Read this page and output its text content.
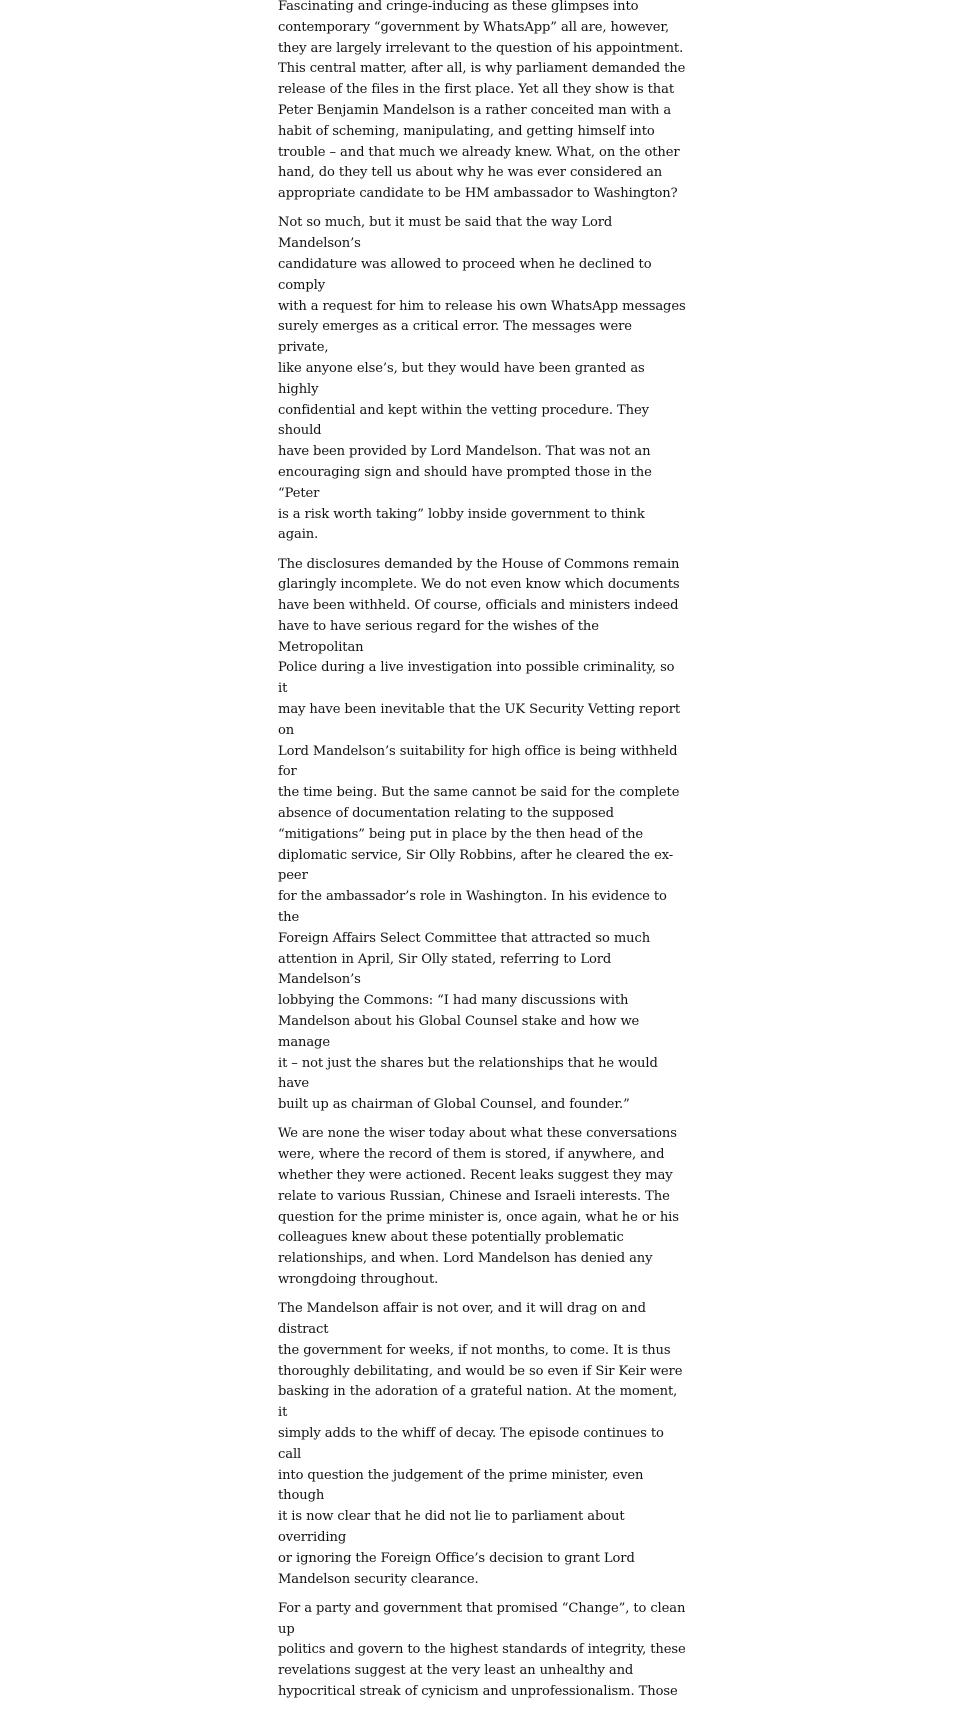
Fascinating and cringe-inducing as these glimpses into
contemporary “government by WhatsApp” all are, however,
they are largely irrelevant to the question of his appointment.
This central matter, after all, is why parliament demanded the
release of the files in the first place. Yet all they show is that
Peter Benjamin Mandelson is a rather conceited man with a
habit of scheming, manipulating, and getting himself into
trouble – and that much we already knew. What, on the other
hand, do they tell us about why he was ever considered an
appropriate candidate to be HM ambassador to Washington?

Not so much, but it must be said that the way Lord Mandelson’s
candidature was allowed to proceed when he declined to comply
with a request for him to release his own WhatsApp messages
surely emerges as a critical error. The messages were private,
like anyone else’s, but they would have been granted as highly
confidential and kept within the vetting procedure. They should
have been provided by Lord Mandelson. That was not an
encouraging sign and should have prompted those in the “Peter
is a risk worth taking” lobby inside government to think again.

The disclosures demanded by the House of Commons remain
glaringly incomplete. We do not even know which documents
have been withheld. Of course, officials and ministers indeed
have to have serious regard for the wishes of the Metropolitan
Police during a live investigation into possible criminality, so it
may have been inevitable that the UK Security Vetting report on
Lord Mandelson’s suitability for high office is being withheld for
the time being. But the same cannot be said for the complete
absence of documentation relating to the supposed
“mitigations” being put in place by the then head of the
diplomatic service, Sir Olly Robbins, after he cleared the ex-peer
for the ambassador’s role in Washington. In his evidence to the
Foreign Affairs Select Committee that attracted so much
attention in April, Sir Olly stated, referring to Lord Mandelson’s
lobbying the Commons: “I had many discussions with
Mandelson about his Global Counsel stake and how we manage
it – not just the shares but the relationships that he would have
built up as chairman of Global Counsel, and founder.”

We are none the wiser today about what these conversations
were, where the record of them is stored, if anywhere, and
whether they were actioned. Recent leaks suggest they may
relate to various Russian, Chinese and Israeli interests. The
question for the prime minister is, once again, what he or his
colleagues knew about these potentially problematic
relationships, and when. Lord Mandelson has denied any
wrongdoing throughout.

The Mandelson affair is not over, and it will drag on and distract
the government for weeks, if not months, to come. It is thus
thoroughly debilitating, and would be so even if Sir Keir were
basking in the adoration of a grateful nation. At the moment, it
simply adds to the whiff of decay. The episode continues to call
into question the judgement of the prime minister, even though
it is now clear that he did not lie to parliament about overriding
or ignoring the Foreign Office’s decision to grant Lord
Mandelson security clearance.

For a party and government that promised “Change”, to clean up
politics and govern to the highest standards of integrity, these
revelations suggest at the very least an unhealthy and
hypocritical streak of cynicism and unprofessionalism. Those
